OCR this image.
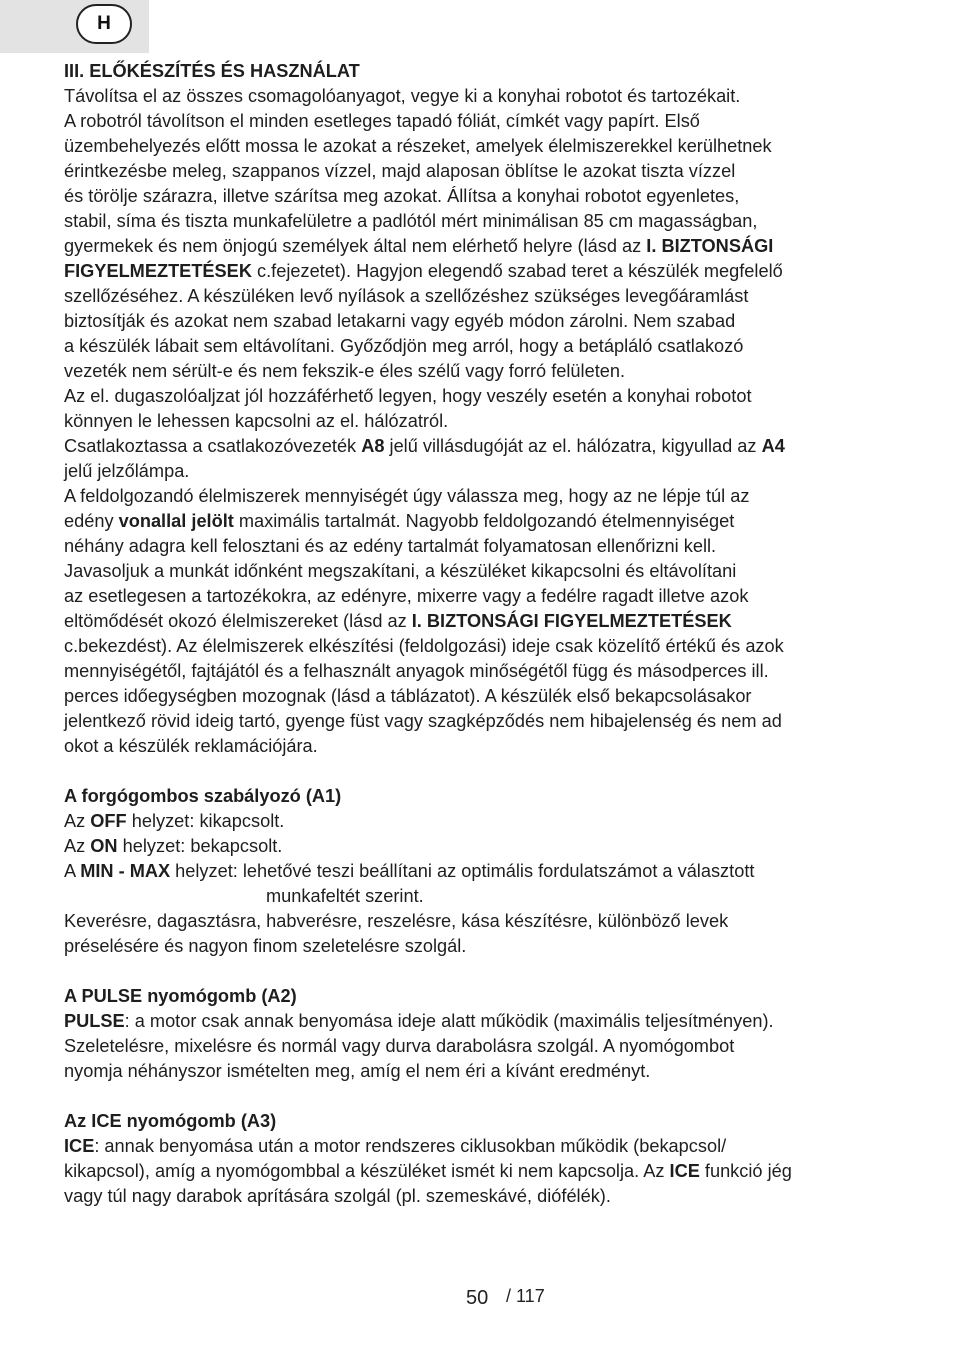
H
III. ELŐKÉSZÍTÉS ÉS HASZNÁLAT
Távolítsa el az összes csomagolóanyagot, vegye ki a konyhai robotot és tartozékait.
A robotról távolítson el minden esetleges tapadó fóliát, címkét vagy papírt. Első
üzembehelyezés előtt mossa le azokat a részeket, amelyek élelmiszerekkel kerülhetnek
érintkezésbe meleg, szappanos vízzel, majd alaposan öblítse le azokat tiszta vízzel
és törölje szárazra, illetve szárítsa meg azokat. Állítsa a konyhai robotot egyenletes,
stabil, síma és tiszta munkafelületre a padlótól mért minimálisan 85 cm magasságban,
gyermekek és nem önjogú személyek által nem elérhető helyre (lásd az I. BIZTONSÁGI
FIGYELMEZTETÉSEK c.fejezetet). Hagyjon elegendő szabad teret a készülék megfelelő
szellőzéséhez. A készüléken levő nyílások a szellőzéshez szükséges levegőáramlást
biztosítják és azokat nem szabad letakarni vagy egyéb módon zárolni. Nem szabad
a készülék lábait sem eltávolítani. Győződjön meg arról, hogy a betápláló csatlakozó
vezeték nem sérült-e és nem fekszik-e éles szélű vagy forró felületen.
Az el. dugaszolóaljzat jól hozzáférhető legyen, hogy veszély esetén a konyhai robotot
könnyen le lehessen kapcsolni az el. hálózatról.
Csatlakoztassa a csatlakozóvezeték A8 jelű villásdugóját az el. hálózatra, kigyullad az A4
jelű jelzőlámpa.
A feldolgozandó élelmiszerek mennyiségét úgy válassza meg, hogy az ne lépje túl az
edény vonallal jelölt maximális tartalmát. Nagyobb feldolgozandó ételmennyiséget
néhány adagra kell felosztani és az edény tartalmát folyamatosan ellenőrizni kell.
Javasoljuk a munkát időnként megszakítani, a készüléket kikapcsolni és eltávolítani
az esetlegesen a tartozékokra, az edényre, mixerre vagy a fedélre ragadt illetve azok
eltömődését okozó élelmiszereket (lásd az I. BIZTONSÁGI FIGYELMEZTETÉSEK
c.bekezdést). Az élelmiszerek elkészítési (feldolgozási) ideje csak közelítő értékű és azok
mennyiségétől, fajtájától és a felhasznált anyagok minőségétől függ és másodperces ill.
perces időegységben mozognak (lásd a táblázatot). A készülék első bekapcsolásakor
jelentkező rövid ideig tartó, gyenge füst vagy szagképződés nem hibajelenség és nem ad
okot a készülék reklamációjára.
A forgógombos szabályozó (A1)
Az OFF helyzet: kikapcsolt.
Az ON helyzet: bekapcsolt.
A MIN - MAX helyzet: lehetővé teszi beállítani az optimális fordulatszámot a választott
munkafeltét szerint.
Keverésre, dagasztásra, habverésre, reszelésre, kása készítésre, különböző levek
préselésére és nagyon finom szeletelésre szolgál.
A PULSE nyomógomb (A2)
PULSE: a motor csak annak benyomása ideje alatt működik (maximális teljesítményen).
Szeletelésre, mixelésre és normál vagy durva darabolásra szolgál. A nyomógombot
nyomja néhányszor ismételten meg, amíg el nem éri a kívánt eredményt.
Az ICE nyomógomb (A3)
ICE: annak benyomása után a motor rendszeres ciklusokban működik (bekapcsol/
kikapcsol), amíg a nyomógombbal a készüléket ismét ki nem kapcsolja. Az ICE funkció jég
vagy túl nagy darabok aprítására szolgál (pl. szemeskávé, diófélék).
50 / 117
